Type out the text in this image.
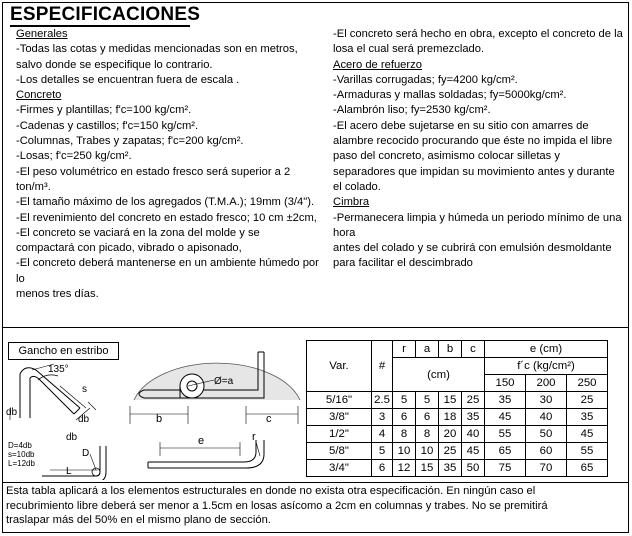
ESPECIFICACIONES

Generales

-Todas las cotas y medidas mencionadas son en metros, salvo donde se especifique lo contrario.

-Los detalles se encuentran fuera de escala .

Concreto

-Firmes y plantillas; f'c=100 kg/cm².

-Cadenas y castillos; f'c=150 kg/cm².

-Columnas, Trabes y zapatas; f'c=200 kg/cm².

-Losas; f'c=250 kg/cm².

-El peso volumétrico en estado fresco será superior a 2 ton/m³.

-El tamaño máximo de los agregados (T.M.A.); 19mm (3/4").

-El revenimiento del concreto en estado fresco; 10 cm ±2cm,

-El concreto se vaciará en la zona del molde y se compactará con picado, vibrado o apisonado,

-El concreto deberá mantenerse en un ambiente húmedo por lo

menos tres días.

-El concreto será hecho en obra, excepto el concreto de la losa el cual será premezclado.

Acero de refuerzo

-Varillas corrugadas; fy=4200 kg/cm².

-Armaduras y mallas soldadas; fy=5000kg/cm².

-Alambrón liso; fy=2530 kg/cm².

-El acero debe sujetarse en su sitio con amarres de alambre recocido procurando que éste no impida el libre paso del concreto, asimismo colocar silletas y separadores que impidan su movimiento antes y durante el colado.

Cimbra

-Permanecera limpia y húmeda un periodo mínimo de una hora

antes del colado y se cubrirá con emulsión desmoldante para facilitar el descimbrado

Gancho en estribo
135°
s
db
db
db
D
L
D=4db
s=10db
L=12db
Ø=a
b	c
e	r
Var.	#	r	a	b	c	e (cm)		
		(cm)				f´c (kg/cm²)		
						150	200	250
5/16"	2.5	5	5	15	25	35	30	25
3/8"	3	6	6	18	35	45	40	35
1/2"	4	8	8	20	40	55	50	45
5/8"	5	10	10	25	45	65	60	55
3/4"	6	12	15	35	50	75	70	65

Esta tabla aplicará a los elementos estructurales en donde no exista otra especificación. En ningún caso el

recubrimiento libre deberá ser menor a 1.5cm en losas asícomo a 2cm en columnas y trabes. No se premitirá

traslapar más del 50% en el mismo plano de sección.
